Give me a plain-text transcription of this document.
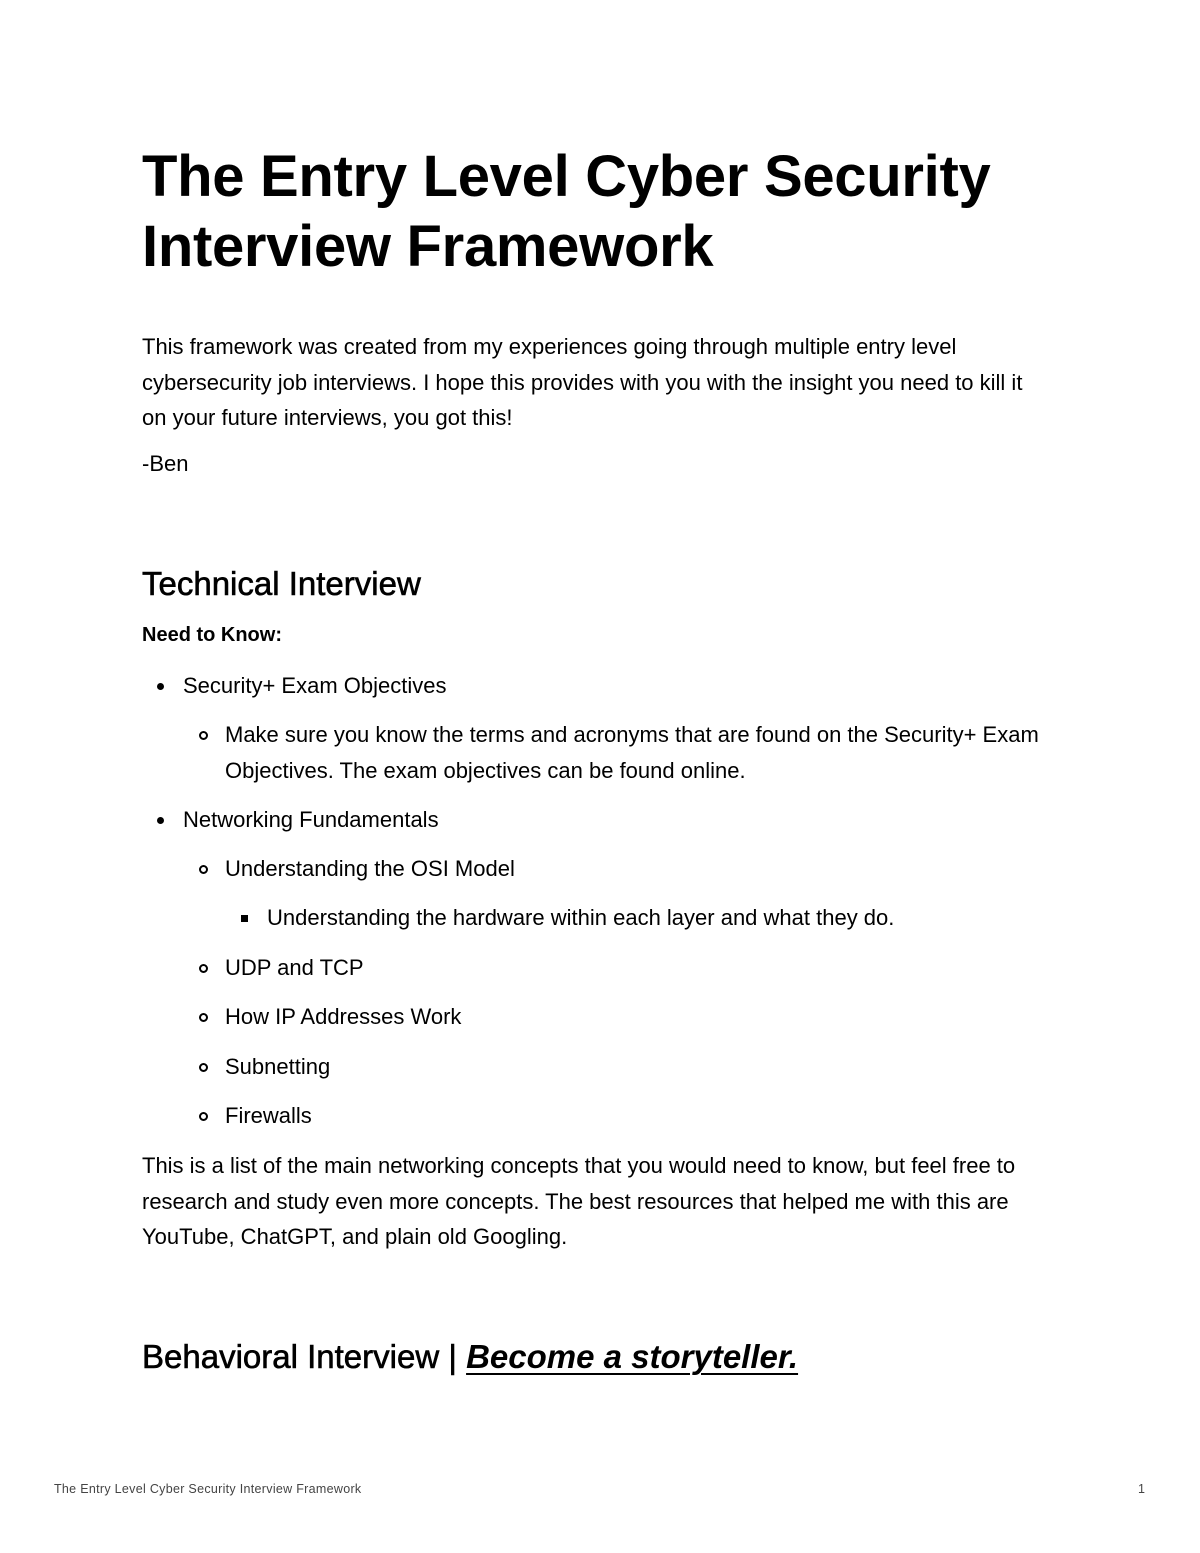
The Entry Level Cyber Security Interview Framework

This framework was created from my experiences going through multiple entry level cybersecurity job interviews. I hope this provides with you with the insight you need to kill it on your future interviews, you got this!

-Ben

Technical Interview

Need to Know:

Security+ Exam Objectives
Make sure you know the terms and acronyms that are found on the Security+ Exam Objectives. The exam objectives can be found online.
Networking Fundamentals
Understanding the OSI Model
Understanding the hardware within each layer and what they do.
UDP and TCP
How IP Addresses Work
Subnetting
Firewalls

This is a list of the main networking concepts that you would need to know, but feel free to research and study even more concepts. The best resources that helped me with this are YouTube, ChatGPT, and plain old Googling.

Behavioral Interview | Become a storyteller.
The Entry Level Cyber Security Interview Framework	1
